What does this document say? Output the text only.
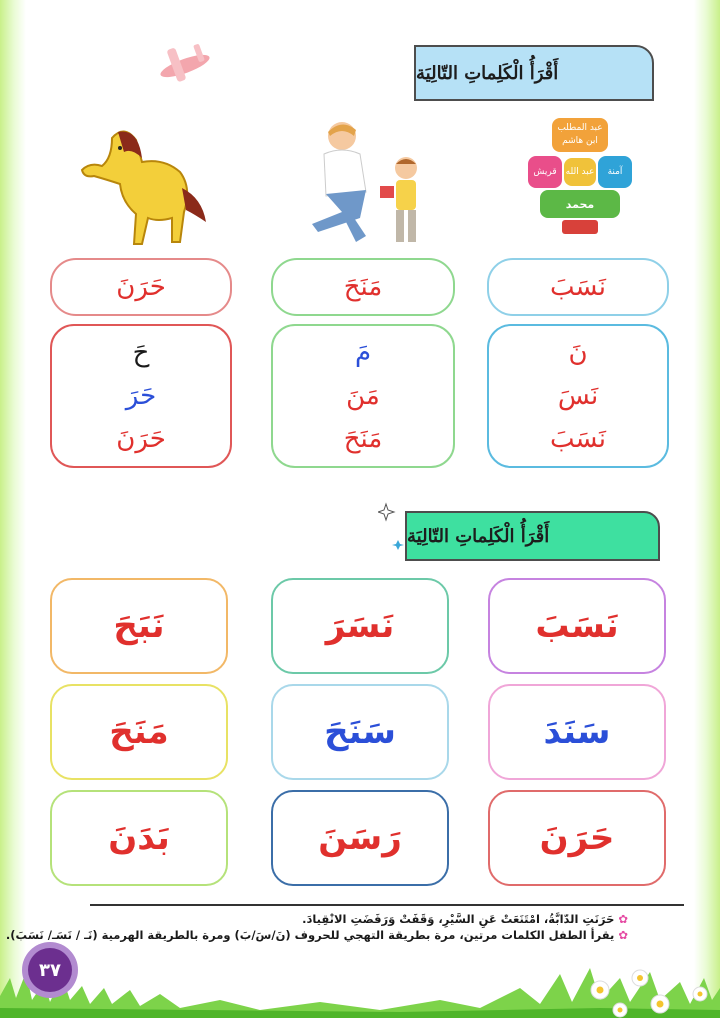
أَقْرَأُ الْكَلِماتِ التّالِيَة
عبد المطلب
ابن هاشم
قريش	عبد الله	آمنة
محمد
حَرَنَ	مَنَحَ	نَسَبَ
حَ
حَرَ
حَرَنَ
مَ
مَنَ
مَنَحَ
نَ
نَسَ
نَسَبَ
أَقْرَأُ الْكَلِماتِ التّالِيَة
نَبَحَ	نَسَرَ	نَسَبَ
مَنَحَ	سَنَحَ	سَنَدَ
بَدَنَ	رَسَنَ	حَرَنَ
✿حَرَنَتِ الدّابَّةُ، امْتَنَعَتْ عَنِ السَّيْرِ، وَقَفَتْ وَرَفَضَتِ الانْقِيادَ.
✿يقرأ الطفل الكلمات مرتين، مرة بطريقة التهجي للحروف (نَ/سَ/بَ) ومرة بالطريقة الهرمية (نَـ / نَسَـ/ نَسَبَ).
٣٧
